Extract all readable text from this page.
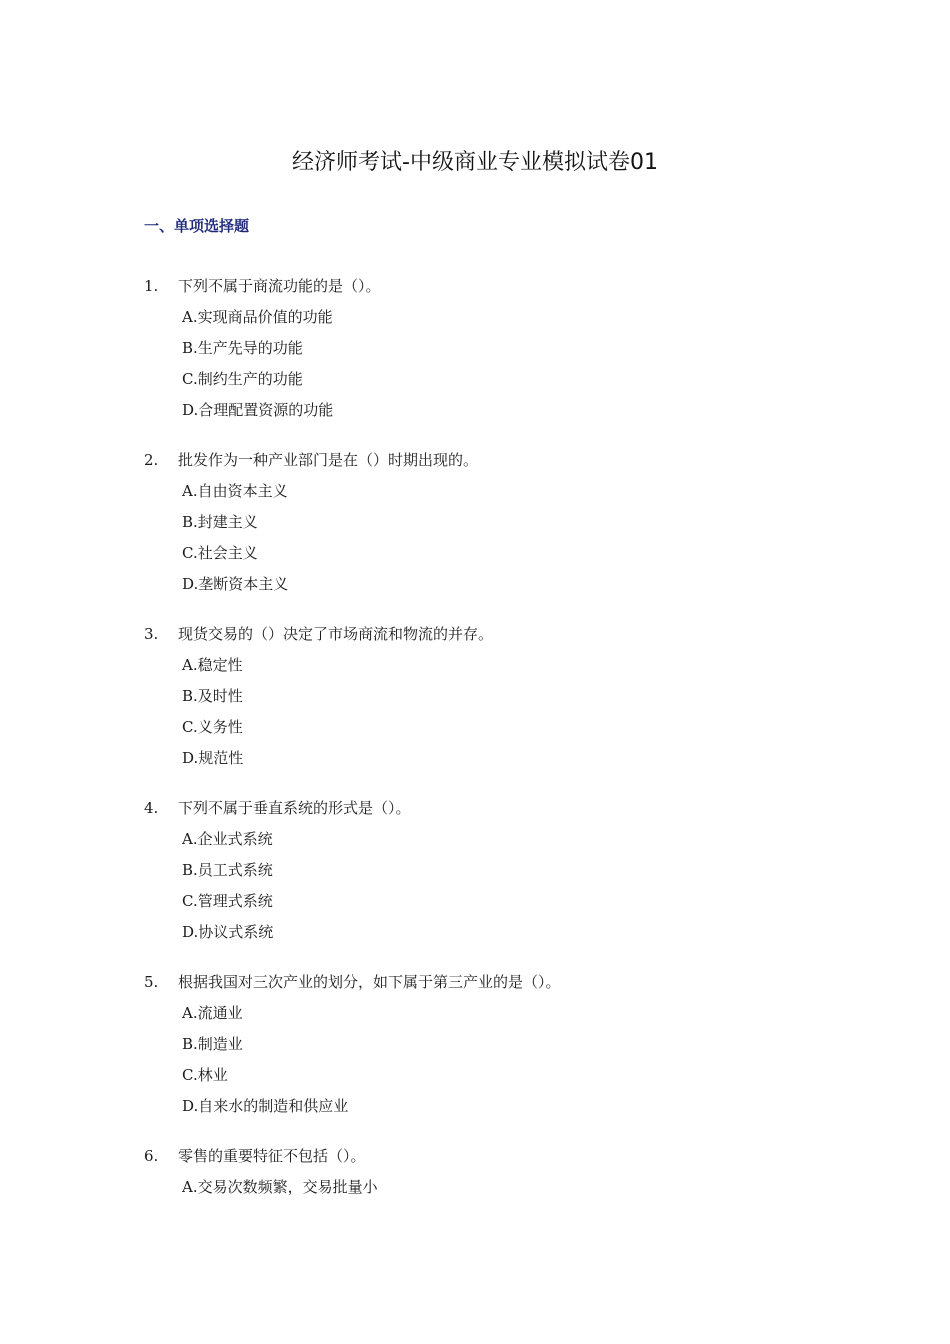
经济师考试-中级商业专业模拟试卷01
一、单项选择题
1.	下列不属于商流功能的是（）。
A.实现商品价值的功能
B.生产先导的功能
C.制约生产的功能
D.合理配置资源的功能
2.	批发作为一种产业部门是在（）时期出现的。
A.自由资本主义
B.封建主义
C.社会主义
D.垄断资本主义
3.	现货交易的（）决定了市场商流和物流的并存。
A.稳定性
B.及时性
C.义务性
D.规范性
4.	下列不属于垂直系统的形式是（）。
A.企业式系统
B.员工式系统
C.管理式系统
D.协议式系统
5.	根据我国对三次产业的划分，如下属于第三产业的是（）。
A.流通业
B.制造业
C.林业
D.自来水的制造和供应业
6.	零售的重要特征不包括（）。
A.交易次数频繁，交易批量小
